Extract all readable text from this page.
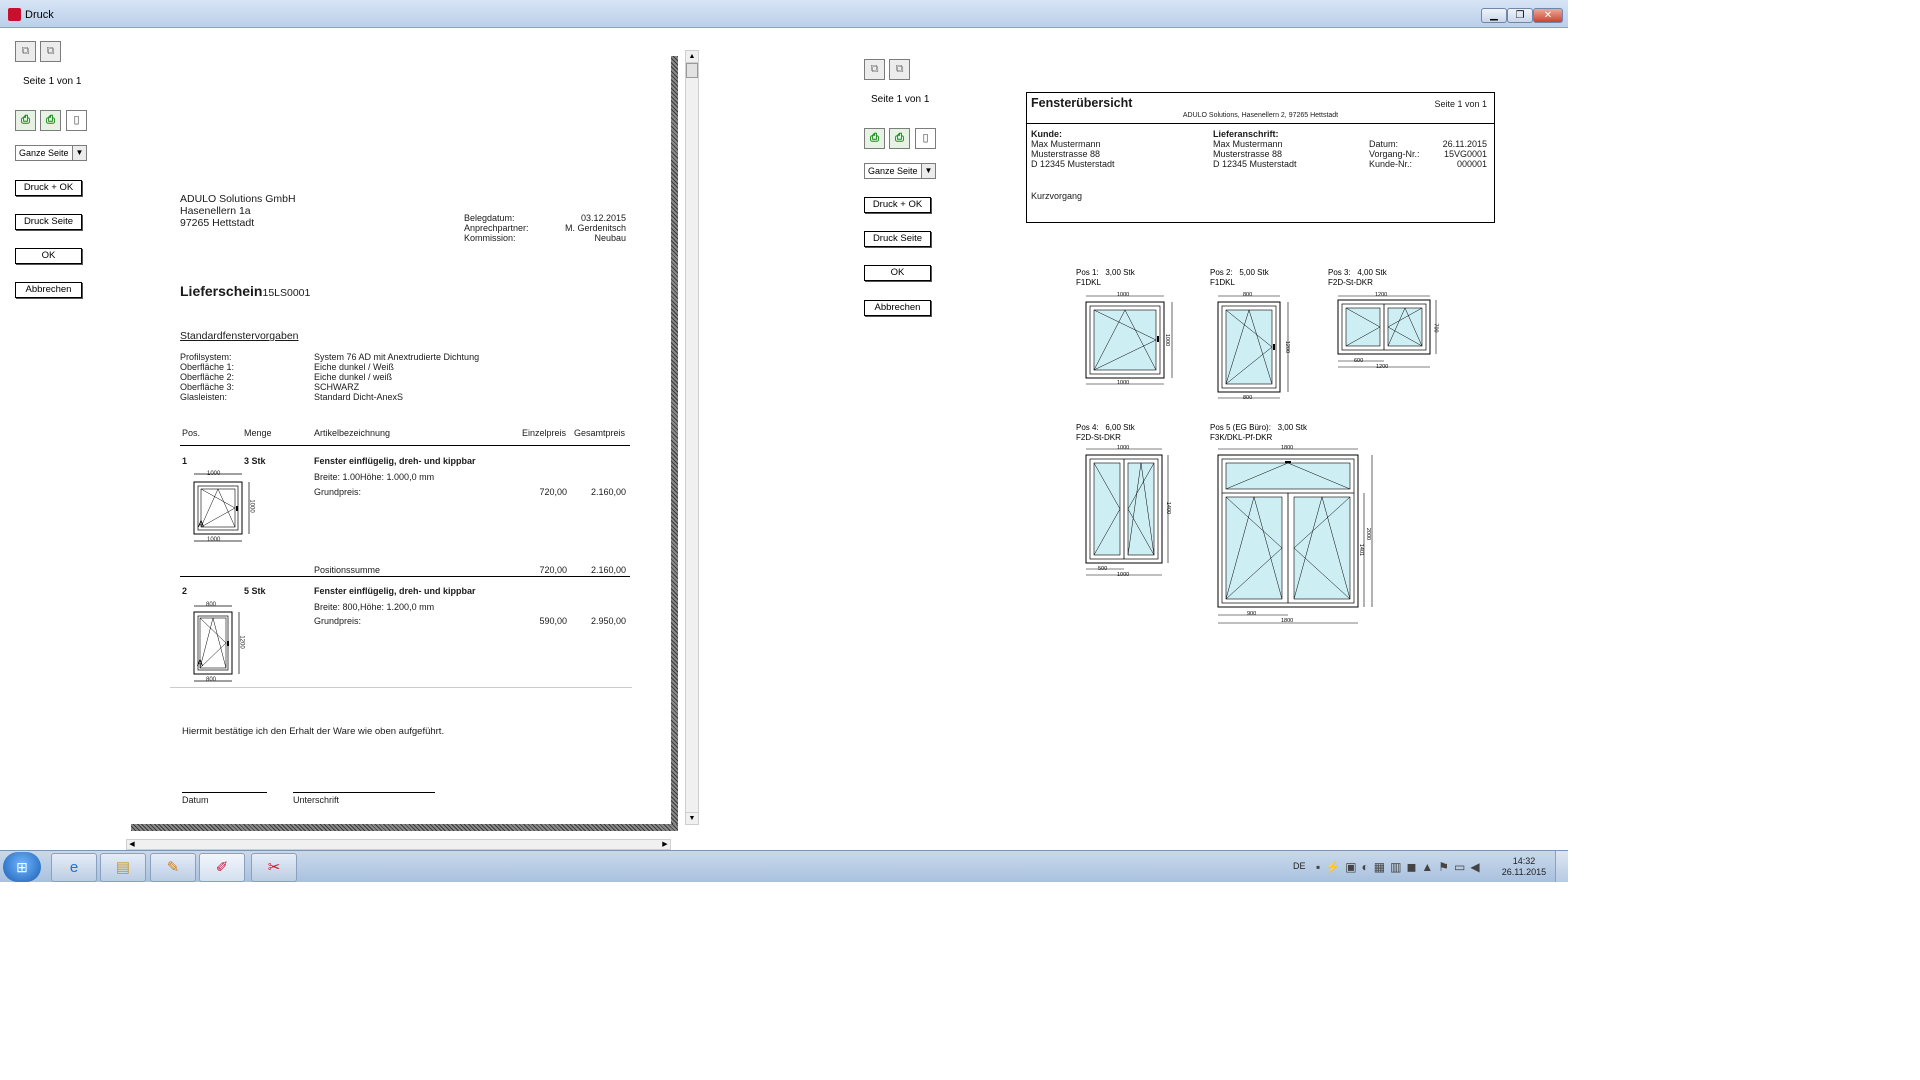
Druck	▁	❐	✕
⧉	⧉
Seite 1 von 1
⎙	⎙	▯
Ganze Seite ▼
Druck + OK
Druck Seite
OK
Abbrechen
ADULO Solutions GmbH
Hasenellern 1a
97265 Hettstadt	Belegdatum:	03.12.2015
Anprechpartner:	M. Gerdenitsch
Kommission:	Neubau
Lieferschein15LS0001
Standardfenstervorgaben
Profilsystem:	System 76 AD mit Anextrudierte Dichtung
Oberfläche 1:	Eiche dunkel / Weiß
Oberfläche 2:	Eiche dunkel / weiß
Oberfläche 3:	SCHWARZ
Glasleisten:	Standard Dicht-AnexS
Pos.	Menge	Artikelbezeichnung	Einzelpreis Gesamtpreis
1	3 Stk	Fenster einflügelig, dreh- und kippbar
Breite: 1.00Höhe: 1.000,0 mm
Grundpreis:	720,00	2.160,00
A
1000
1000
1000
Positionssumme	720,00	2.160,00
2	5 Stk	Fenster einflügelig, dreh- und kippbar
Breite: 800,Höhe: 1.200,0 mm
Grundpreis:	590,00	2.950,00
A
800
1200
800
Hiermit bestätige ich den Erhalt der Ware wie oben aufgeführt.
Datum	Unterschrift
▲
▼
◀	▶
⧉	⧉
Seite 1 von 1
⎙	⎙	▯
Ganze Seite ▼
Druck + OK
Druck Seite
OK
Abbrechen
Fensterübersicht	Seite 1 von 1
ADULO Solutions, Hasenellern 2, 97265 Hettstadt
Kunde:
Max Mustermann
Musterstrasse 88
D 12345 Musterstadt
Lieferanschrift:
Max Mustermann
Musterstrasse 88
D 12345 Musterstadt
Datum:	26.11.2015
Vorgang-Nr.:	15VG0001
Kunde-Nr.:	000001
Kurzvorgang
Pos 1: 3,00 Stk
F1DKL
Pos 2: 5,00 Stk
F1DKL
Pos 3: 4,00 Stk
F2D-St-DKR
Pos 4: 6,00 Stk
F2D-St-DKR
Pos 5 (EG Büro): 3,00 Stk
F3K/DKL-Pf-DKR
1000
1000
1000
800
1200
800
1200
700
600
1200
1000
1400
500
1000
1800
2000
1401
900
1800
⊞	e	▤	✎	✐	✂	DE ▪⚡▣◐▦▥◼▲⚑▭◀	14:32
26.11.2015
